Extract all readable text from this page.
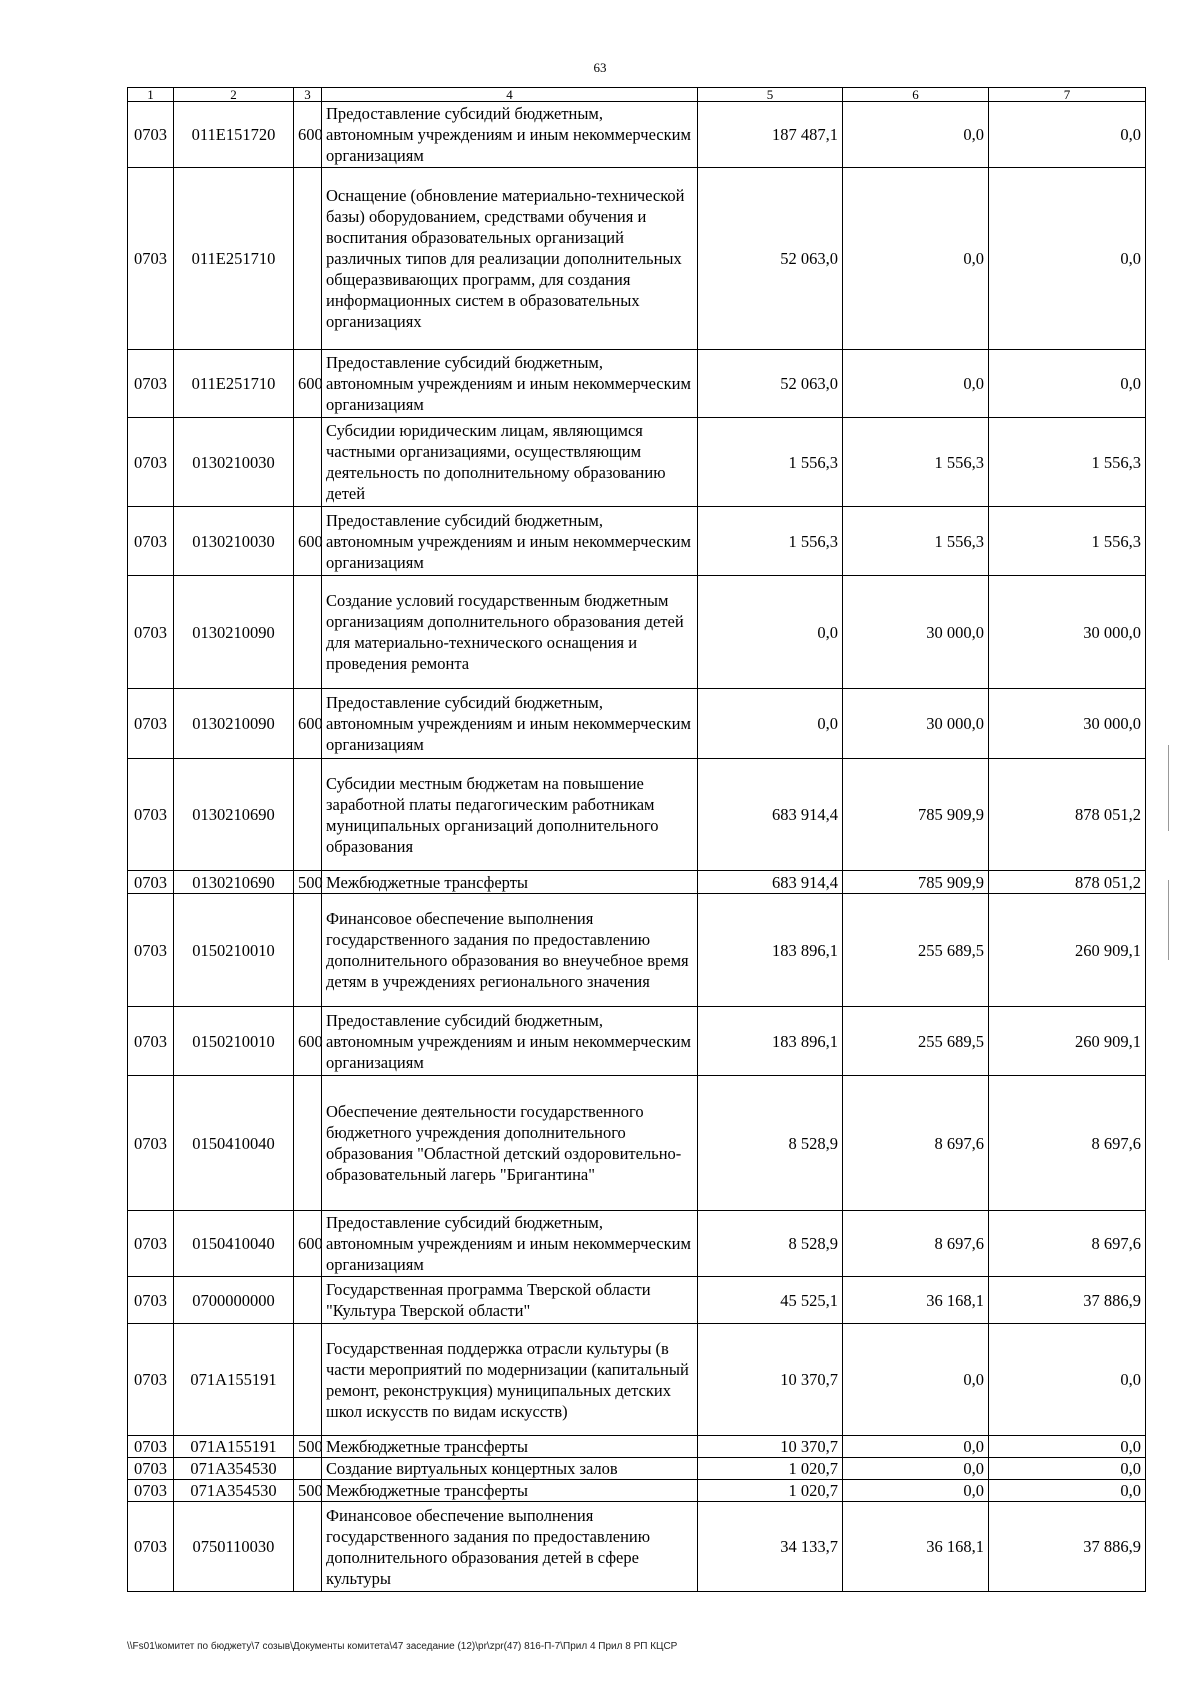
63
1	2	3	4	5	6	7
0703	011E151720	600	Предоставление субсидий бюджетным, автономным учреждениям и иным некоммерческим организациям	187 487,1	0,0	0,0
0703	011E251710		Оснащение (обновление материально-технической базы) оборудованием, средствами обучения и воспитания образовательных организаций различных типов для реализации дополнительных общеразвивающих программ, для создания информационных систем в образовательных организациях	52 063,0	0,0	0,0
0703	011E251710	600	Предоставление субсидий бюджетным, автономным учреждениям и иным некоммерческим организациям	52 063,0	0,0	0,0
0703	0130210030		Субсидии юридическим лицам, являющимся частными организациями, осуществляющим деятельность по дополнительному образованию детей	1 556,3	1 556,3	1 556,3
0703	0130210030	600	Предоставление субсидий бюджетным, автономным учреждениям и иным некоммерческим организациям	1 556,3	1 556,3	1 556,3
0703	0130210090		Создание условий государственным бюджетным организациям дополнительного образования детей для материально-технического оснащения и проведения ремонта	0,0	30 000,0	30 000,0
0703	0130210090	600	Предоставление субсидий бюджетным, автономным учреждениям и иным некоммерческим организациям	0,0	30 000,0	30 000,0
0703	0130210690		Субсидии местным бюджетам на повышение заработной платы педагогическим работникам муниципальных организаций дополнительного образования	683 914,4	785 909,9	878 051,2
0703	0130210690	500	Межбюджетные трансферты	683 914,4	785 909,9	878 051,2
0703	0150210010		Финансовое обеспечение выполнения государственного задания по предоставлению дополнительного образования во внеучебное время детям в учреждениях регионального значения	183 896,1	255 689,5	260 909,1
0703	0150210010	600	Предоставление субсидий бюджетным, автономным учреждениям и иным некоммерческим организациям	183 896,1	255 689,5	260 909,1
0703	0150410040		Обеспечение деятельности государственного бюджетного учреждения дополнительного образования "Областной детский оздоровительно-образовательный лагерь "Бригантина"	8 528,9	8 697,6	8 697,6
0703	0150410040	600	Предоставление субсидий бюджетным, автономным учреждениям и иным некоммерческим организациям	8 528,9	8 697,6	8 697,6
0703	0700000000		Государственная программа Тверской области "Культура Тверской области"	45 525,1	36 168,1	37 886,9
0703	071A155191		Государственная поддержка отрасли культуры (в части мероприятий по модернизации (капитальный ремонт, реконструкция) муниципальных детских школ искусств по видам искусств)	10 370,7	0,0	0,0
0703	071A155191	500	Межбюджетные трансферты	10 370,7	0,0	0,0
0703	071A354530		Создание виртуальных концертных залов	1 020,7	0,0	0,0
0703	071A354530	500	Межбюджетные трансферты	1 020,7	0,0	0,0
0703	0750110030		Финансовое обеспечение выполнения государственного задания по предоставлению дополнительного образования детей в сфере культуры	34 133,7	36 168,1	37 886,9
\\Fs01\комитет по бюджету\7 созыв\Документы комитета\47 заседание (12)\pr\zpr(47) 816-П-7\Прил 4 Прил 8 РП КЦСР
